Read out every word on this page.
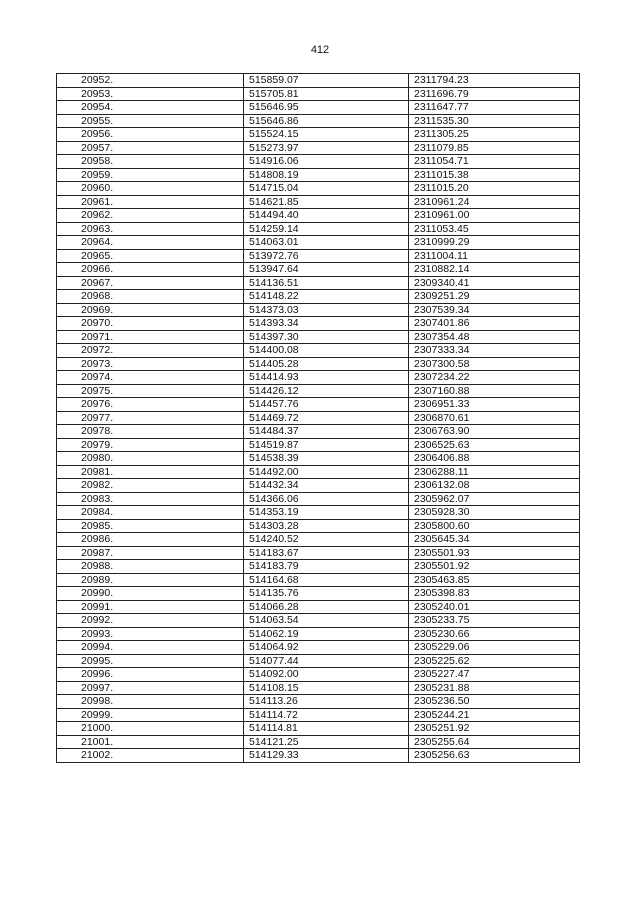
412
20952.	515859.07	2311794.23
20953.	515705.81	2311696.79
20954.	515646.95	2311647.77
20955.	515646.86	2311535.30
20956.	515524.15	2311305.25
20957.	515273.97	2311079.85
20958.	514916.06	2311054.71
20959.	514808.19	2311015.38
20960.	514715.04	2311015.20
20961.	514621.85	2310961.24
20962.	514494.40	2310961.00
20963.	514259.14	2311053.45
20964.	514063.01	2310999.29
20965.	513972.76	2311004.11
20966.	513947.64	2310882.14
20967.	514136.51	2309340.41
20968.	514148.22	2309251.29
20969.	514373.03	2307539.34
20970.	514393.34	2307401.86
20971.	514397.30	2307354.48
20972.	514400.08	2307333.34
20973.	514405.28	2307300.58
20974.	514414.93	2307234.22
20975.	514426.12	2307160.88
20976.	514457.76	2306951.33
20977.	514469.72	2306870.61
20978.	514484.37	2306763.90
20979.	514519.87	2306525.63
20980.	514538.39	2306406.88
20981.	514492.00	2306288.11
20982.	514432.34	2306132.08
20983.	514366.06	2305962.07
20984.	514353.19	2305928.30
20985.	514303.28	2305800.60
20986.	514240.52	2305645.34
20987.	514183.67	2305501.93
20988.	514183.79	2305501.92
20989.	514164.68	2305463.85
20990.	514135.76	2305398.83
20991.	514066.28	2305240.01
20992.	514063.54	2305233.75
20993.	514062.19	2305230.66
20994.	514064.92	2305229.06
20995.	514077.44	2305225.62
20996.	514092.00	2305227.47
20997.	514108.15	2305231.88
20998.	514113.26	2305236.50
20999.	514114.72	2305244.21
21000.	514114.81	2305251.92
21001.	514121.25	2305255.64
21002.	514129.33	2305256.63
